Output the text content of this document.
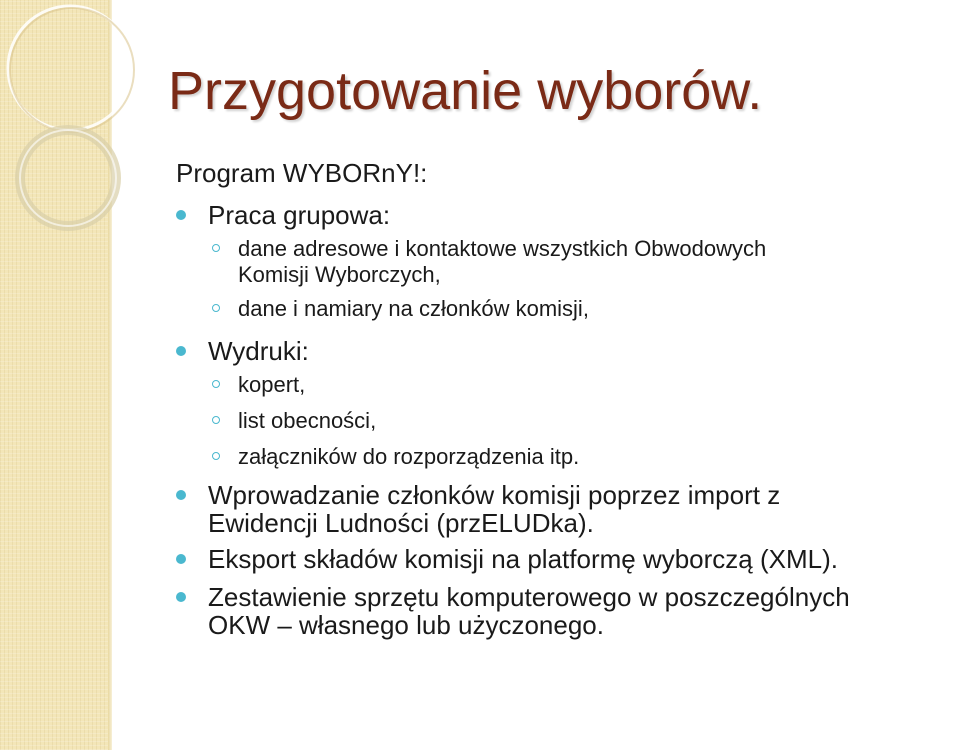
Przygotowanie wyborów.

Program WYBORnY!:

Praca grupowa:

dane adresowe i kontaktowe wszystkich Obwodowych

Komisji Wyborczych,

dane i namiary na członków komisji,

Wydruki:

kopert,

list obecności,

załączników do rozporządzenia itp.

Wprowadzanie członków komisji poprzez import z

Ewidencji Ludności (przELUDka).

Eksport składów komisji na platformę wyborczą (XML).

Zestawienie sprzętu komputerowego w poszczególnych

OKW – własnego lub użyczonego.
